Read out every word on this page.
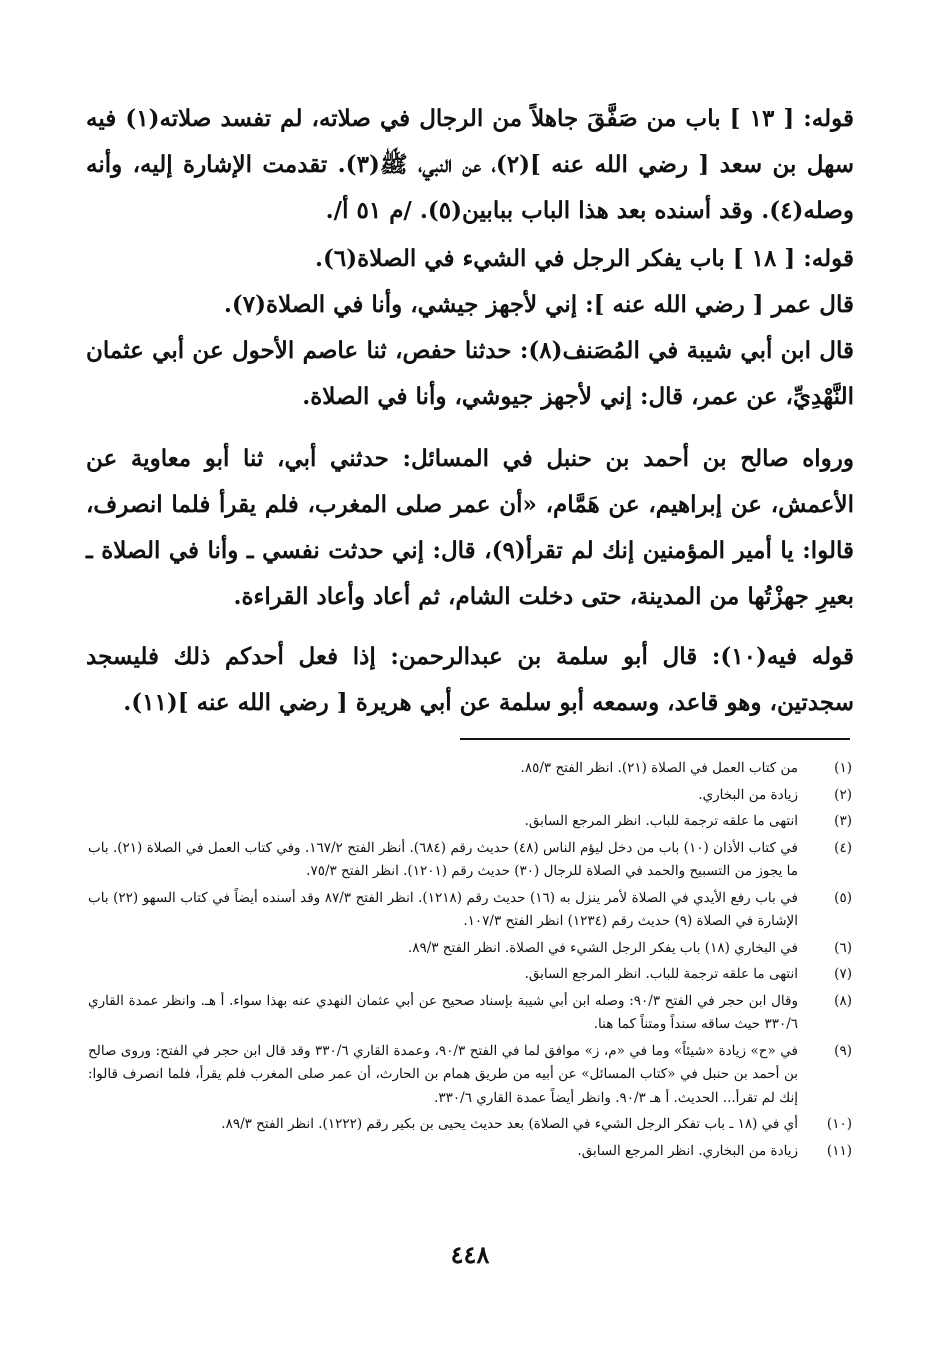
قوله: [ ١٣ ] باب من صَفَّقَ جاهلاً من الرجال في صلاته، لم تفسد صلاته(١) فيه سهل بن سعد [ رضي الله عنه ](٢)، عن النبي، ﷺ(٣). تقدمت الإشارة إليه، وأنه وصله(٤). وقد أسنده بعد هذا الباب ببابين(٥). /م ٥١ أ/.

قوله: [ ١٨ ] باب يفكر الرجل في الشيء في الصلاة(٦).

قال عمر [ رضي الله عنه ]: إني لأجهز جيشي، وأنا في الصلاة(٧).

قال ابن أبي شيبة في المُصَنف(٨): حدثنا حفص، ثنا عاصم الأحول عن أبي عثمان النَّهْدِيِّ، عن عمر، قال: إني لأجهز جيوشي، وأنا في الصلاة.

ورواه صالح بن أحمد بن حنبل في المسائل: حدثني أبي، ثنا أبو معاوية عن الأعمش، عن إبراهيم، عن هَمَّام، «أن عمر صلى المغرب، فلم يقرأ فلما انصرف، قالوا: يا أمير المؤمنين إنك لم تقرأ(٩)، قال: إني حدثت نفسي ـ وأنا في الصلاة ـ بعيرِ جهزْتُها من المدينة، حتى دخلت الشام، ثم أعاد وأعاد القراءة.

قوله فيه(١٠): قال أبو سلمة بن عبدالرحمن: إذا فعل أحدكم ذلك فليسجد سجدتين، وهو قاعد، وسمعه أبو سلمة عن أبي هريرة [ رضي الله عنه ](١١).

(١)
من كتاب العمل في الصلاة (٢١). انظر الفتح ٨٥/٣.
(٢)
زيادة من البخاري.
(٣)
انتهى ما علقه ترجمة للباب. انظر المرجع السابق.
(٤)
في كتاب الأذان (١٠) باب من دخل ليؤم الناس (٤٨) حديث رقم (٦٨٤). أنظر الفتح ١٦٧/٢. وفي كتاب العمل في الصلاة (٢١). باب ما يجوز من التسبيح والحمد في الصلاة للرجال (٣٠) حديث رقم (١٢٠١). انظر الفتح ٧٥/٣.
(٥)
في باب رفع الأيدي في الصلاة لأمر ينزل به (١٦) حديث رقم (١٢١٨). انظر الفتح ٨٧/٣ وقد أسنده أيضاً في كتاب السهو (٢٢) باب الإشارة في الصلاة (٩) حديث رقم (١٢٣٤) انظر الفتح ١٠٧/٣.
(٦)
في البخاري (١٨) باب يفكر الرجل الشيء في الصلاة. انظر الفتح ٨٩/٣.
(٧)
انتهى ما علقه ترجمة للباب. انظر المرجع السابق.
(٨)
وقال ابن حجر في الفتح ٩٠/٣: وصله ابن أبي شيبة بإسناد صحيح عن أبي عثمان النهدي عنه بهذا سواء. أ هـ. وانظر عمدة القاري ٣٣٠/٦ حيث ساقه سنداً ومتناً كما هنا.
(٩)
في «ح» زيادة «شيئاً» وما في «م، ز» موافق لما في الفتح ٩٠/٣، وعمدة القاري ٣٣٠/٦ وقد قال ابن حجر في الفتح: وروى صالح بن أحمد بن حنبل في «كتاب المسائل» عن أبيه من طريق همام بن الحارث، أن عمر صلى المغرب فلم يقرأ، فلما انصرف قالوا: إنك لم تقرأ... الحديث. أ هـ ٩٠/٣. وانظر أيضاً عمدة القاري ٣٣٠/٦.
(١٠)
أي في (١٨ ـ باب تفكر الرجل الشيء في الصلاة) بعد حديث يحيى بن بكير رقم (١٢٢٢). انظر الفتح ٨٩/٣.
(١١)
زيادة من البخاري. انظر المرجع السابق.
٤٤٨
